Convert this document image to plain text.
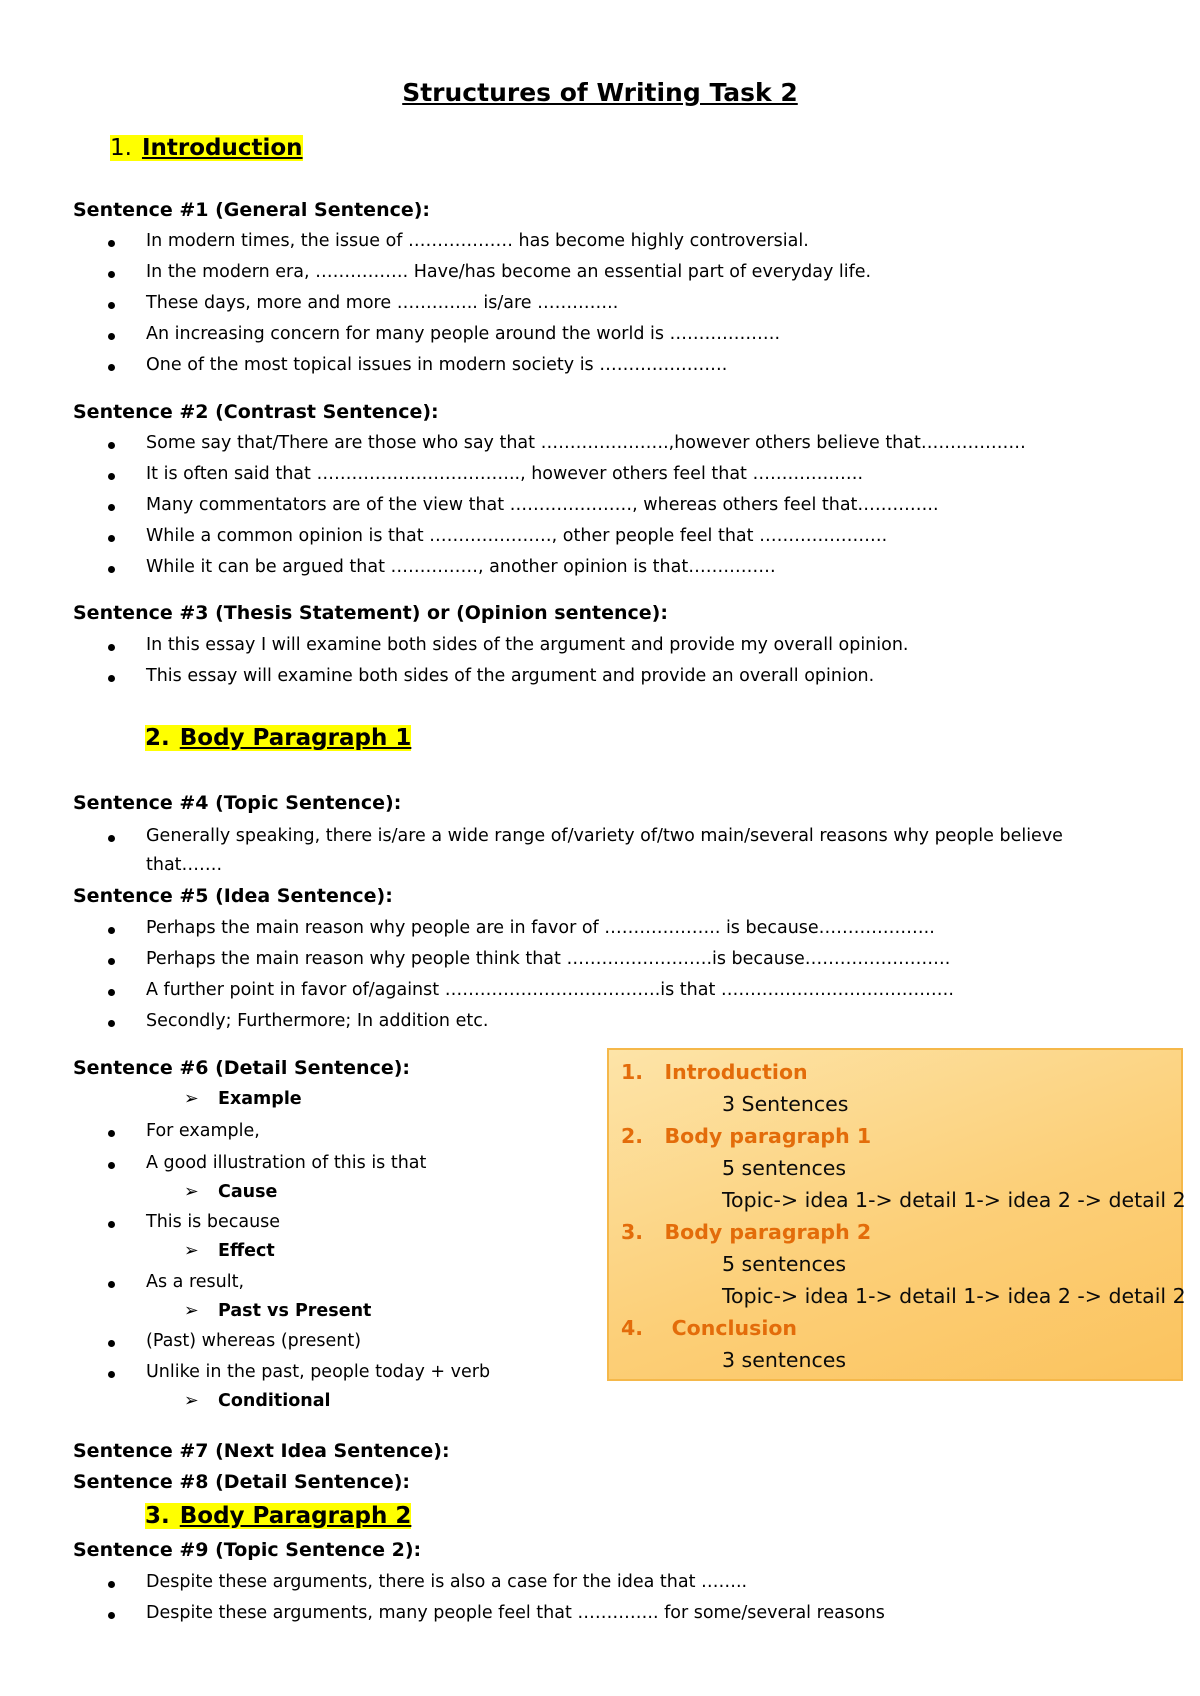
Structures of Writing Task 2
1. Introduction
Sentence #1 (General Sentence):
In modern times, the issue of ……………… has become highly controversial.
In the modern era, ……………. Have/has become an essential part of everyday life.
These days, more and more ………….. is/are …………..
An increasing concern for many people around the world is ……………….
One of the most topical issues in modern society is ………………….
Sentence #2 (Contrast Sentence):
Some say that/There are those who say that ………………….,however others believe that………………
It is often said that …………………………….., however others feel that ……………….
Many commentators are of the view that …………………, whereas others feel that…………..
While a common opinion is that …………………, other people feel that ………………….
While it can be argued that ……………, another opinion is that……………
Sentence #3 (Thesis Statement) or (Opinion sentence):
In this essay I will examine both sides of the argument and provide my overall opinion.
This essay will examine both sides of the argument and provide an overall opinion.
2. Body Paragraph 1
Sentence #4 (Topic Sentence):
Generally speaking, there is/are a wide range of/variety of/two main/several reasons why people believe
that…….
Sentence #5 (Idea Sentence):
Perhaps the main reason why people are in favor of ……………….. is because………………..
Perhaps the main reason why people think that …………………….is because…………………….
A further point in favor of/against ……………………………….is that ………………………………….
Secondly; Furthermore; In addition etc.
Sentence #6 (Detail Sentence):
➢ Example
For example,
A good illustration of this is that
➢ Cause
This is because
➢ Effect
As a result,
➢ Past vs Present
(Past) whereas (present)
Unlike in the past, people today + verb
➢ Conditional
Sentence #7 (Next Idea Sentence):
Sentence #8 (Detail Sentence):
3. Body Paragraph 2
Sentence #9 (Topic Sentence 2):
Despite these arguments, there is also a case for the idea that ……..
Despite these arguments, many people feel that ………….. for some/several reasons
1. Introduction
3 Sentences
2. Body paragraph 1
5 sentences
Topic-> idea 1-> detail 1-> idea 2 -> detail 2
3. Body paragraph 2
5 sentences
Topic-> idea 1-> detail 1-> idea 2 -> detail 2
4. Conclusion
3 sentences
